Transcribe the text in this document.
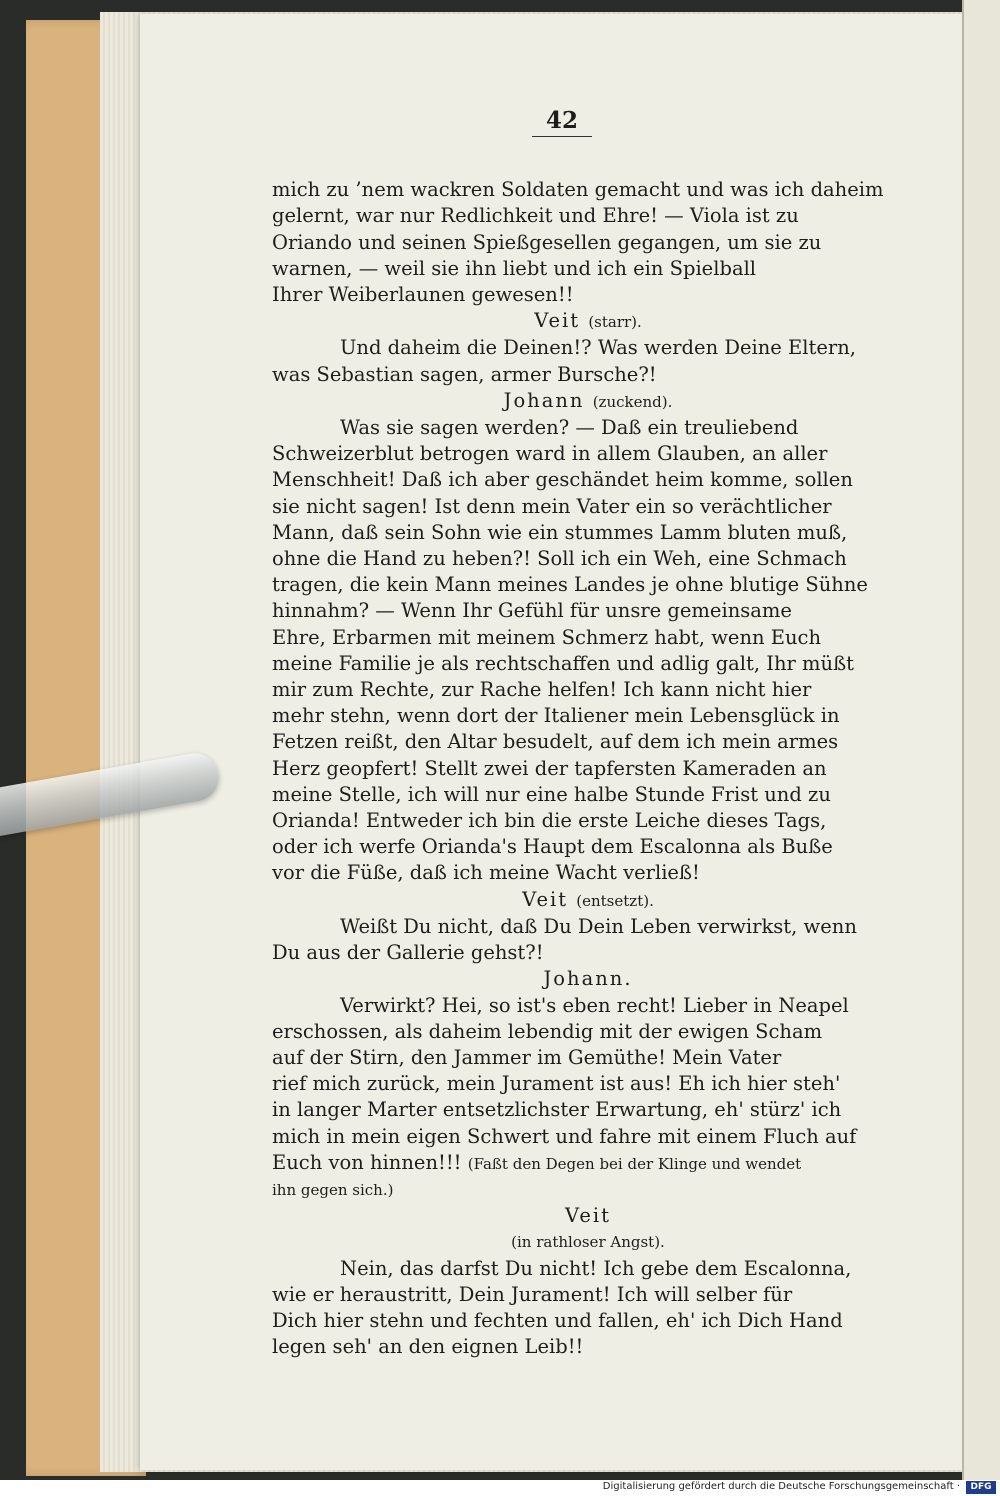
42
mich zu ’nem wackren Soldaten gemacht und was ich daheim
gelernt, war nur Redlichkeit und Ehre! — Viola ist zu
Oriando und seinen Spießgesellen gegangen, um sie zu
warnen, — weil sie ihn liebt und ich ein Spielball
Ihrer Weiberlaunen gewesen!!
Veit (starr).
Und daheim die Deinen!? Was werden Deine Eltern,
was Sebastian sagen, armer Bursche?!
Johann (zuckend).
Was sie sagen werden? — Daß ein treuliebend
Schweizerblut betrogen ward in allem Glauben, an aller
Menschheit! Daß ich aber geschändet heim komme, sollen
sie nicht sagen! Ist denn mein Vater ein so verächtlicher
Mann, daß sein Sohn wie ein stummes Lamm bluten muß,
ohne die Hand zu heben?! Soll ich ein Weh, eine Schmach
tragen, die kein Mann meines Landes je ohne blutige Sühne
hinnahm? — Wenn Ihr Gefühl für unsre gemeinsame
Ehre, Erbarmen mit meinem Schmerz habt, wenn Euch
meine Familie je als rechtschaffen und adlig galt, Ihr müßt
mir zum Rechte, zur Rache helfen! Ich kann nicht hier
mehr stehn, wenn dort der Italiener mein Lebensglück in
Fetzen reißt, den Altar besudelt, auf dem ich mein armes
Herz geopfert! Stellt zwei der tapfersten Kameraden an
meine Stelle, ich will nur eine halbe Stunde Frist und zu
Orianda! Entweder ich bin die erste Leiche dieses Tags,
oder ich werfe Orianda's Haupt dem Escalonna als Buße
vor die Füße, daß ich meine Wacht verließ!
Veit (entsetzt).
Weißt Du nicht, daß Du Dein Leben verwirkst, wenn
Du aus der Gallerie gehst?!
Johann.
Verwirkt? Hei, so ist's eben recht! Lieber in Neapel
erschossen, als daheim lebendig mit der ewigen Scham
auf der Stirn, den Jammer im Gemüthe! Mein Vater
rief mich zurück, mein Jurament ist aus! Eh ich hier steh'
in langer Marter entsetzlichster Erwartung, eh' stürz' ich
mich in mein eigen Schwert und fahre mit einem Fluch auf
Euch von hinnen!!! (Faßt den Degen bei der Klinge und wendet
ihn gegen sich.)
Veit
(in rathloser Angst).
Nein, das darfst Du nicht! Ich gebe dem Escalonna,
wie er heraustritt, Dein Jurament! Ich will selber für
Dich hier stehn und fechten und fallen, eh' ich Dich Hand
legen seh' an den eignen Leib!!
Digitalisierung gefördert durch die Deutsche Forschungsgemeinschaft ·	DFG
